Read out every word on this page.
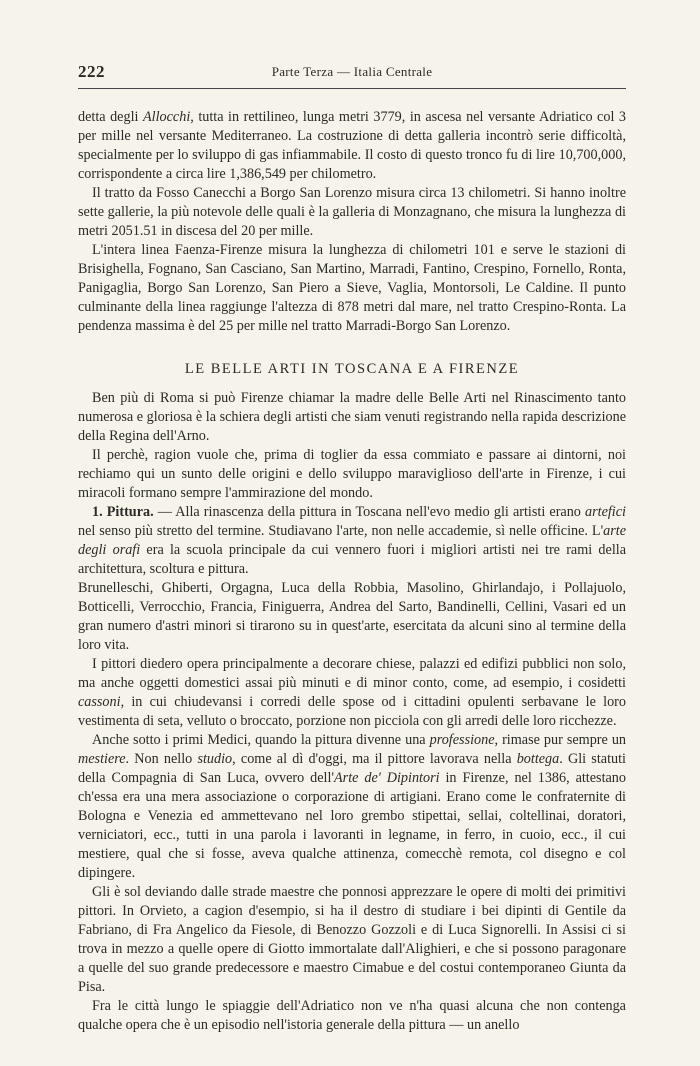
222	Parte Terza — Italia Centrale

detta degli Allocchi, tutta in rettilineo, lunga metri 3779, in ascesa nel versante Adriatico col 3 per mille nel versante Mediterraneo. La costruzione di detta galleria incontrò serie difficoltà, specialmente per lo sviluppo di gas infiammabile. Il costo di questo tronco fu di lire 10,700,000, corrispondente a circa lire 1,386,549 per chilometro.

Il tratto da Fosso Canecchi a Borgo San Lorenzo misura circa 13 chilometri. Si hanno inoltre sette gallerie, la più notevole delle quali è la galleria di Monzagnano, che misura la lunghezza di metri 2051.51 in discesa del 20 per mille.

L'intera linea Faenza-Firenze misura la lunghezza di chilometri 101 e serve le stazioni di Brisighella, Fognano, San Casciano, San Martino, Marradi, Fantino, Crespino, Fornello, Ronta, Panigaglia, Borgo San Lorenzo, San Piero a Sieve, Vaglia, Montorsoli, Le Caldine. Il punto culminante della linea raggiunge l'altezza di 878 metri dal mare, nel tratto Crespino-Ronta. La pendenza massima è del 25 per mille nel tratto Marradi-Borgo San Lorenzo.

LE BELLE ARTI IN TOSCANA E A FIRENZE

Ben più di Roma si può Firenze chiamar la madre delle Belle Arti nel Rinascimento tanto numerosa e gloriosa è la schiera degli artisti che siam venuti registrando nella rapida descrizione della Regina dell'Arno.

Il perchè, ragion vuole che, prima di toglier da essa commiato e passare ai dintorni, noi rechiamo qui un sunto delle origini e dello sviluppo maraviglioso dell'arte in Firenze, i cui miracoli formano sempre l'ammirazione del mondo.

1. Pittura. — Alla rinascenza della pittura in Toscana nell'evo medio gli artisti erano artefici nel senso più stretto del termine. Studiavano l'arte, non nelle accademie, sì nelle officine. L'arte degli orafi era la scuola principale da cui vennero fuori i migliori artisti nei tre rami della architettura, scoltura e pittura.

Brunelleschi, Ghiberti, Orgagna, Luca della Robbia, Masolino, Ghirlandajo, i Pollajuolo, Botticelli, Verrocchio, Francia, Finiguerra, Andrea del Sarto, Bandinelli, Cellini, Vasari ed un gran numero d'astri minori si tirarono su in quest'arte, esercitata da alcuni sino al termine della loro vita.

I pittori diedero opera principalmente a decorare chiese, palazzi ed edifizi pubblici non solo, ma anche oggetti domestici assai più minuti e di minor conto, come, ad esempio, i cosidetti cassoni, in cui chiudevansi i corredi delle spose od i cittadini opulenti serbavane le loro vestimenta di seta, velluto o broccato, porzione non picciola con gli arredi delle loro ricchezze.

Anche sotto i primi Medici, quando la pittura divenne una professione, rimase pur sempre un mestiere. Non nello studio, come al dì d'oggi, ma il pittore lavorava nella bottega. Gli statuti della Compagnia di San Luca, ovvero dell'Arte de' Dipintori in Firenze, nel 1386, attestano ch'essa era una mera associazione o corporazione di artigiani. Erano come le confraternite di Bologna e Venezia ed ammettevano nel loro grembo stipettai, sellai, coltellinai, doratori, verniciatori, ecc., tutti in una parola i lavoranti in legname, in ferro, in cuoio, ecc., il cui mestiere, qual che si fosse, aveva qualche attinenza, comecchè remota, col disegno e col dipingere.

Gli è sol deviando dalle strade maestre che ponnosi apprezzare le opere di molti dei primitivi pittori. In Orvieto, a cagion d'esempio, si ha il destro di studiare i bei dipinti di Gentile da Fabriano, di Fra Angelico da Fiesole, di Benozzo Gozzoli e di Luca Signorelli. In Assisi ci si trova in mezzo a quelle opere di Giotto immortalate dall'Alighieri, e che si possono paragonare a quelle del suo grande predecessore e maestro Cimabue e del costui contemporaneo Giunta da Pisa.

Fra le città lungo le spiaggie dell'Adriatico non ve n'ha quasi alcuna che non contenga qualche opera che è un episodio nell'istoria generale della pittura — un anello
